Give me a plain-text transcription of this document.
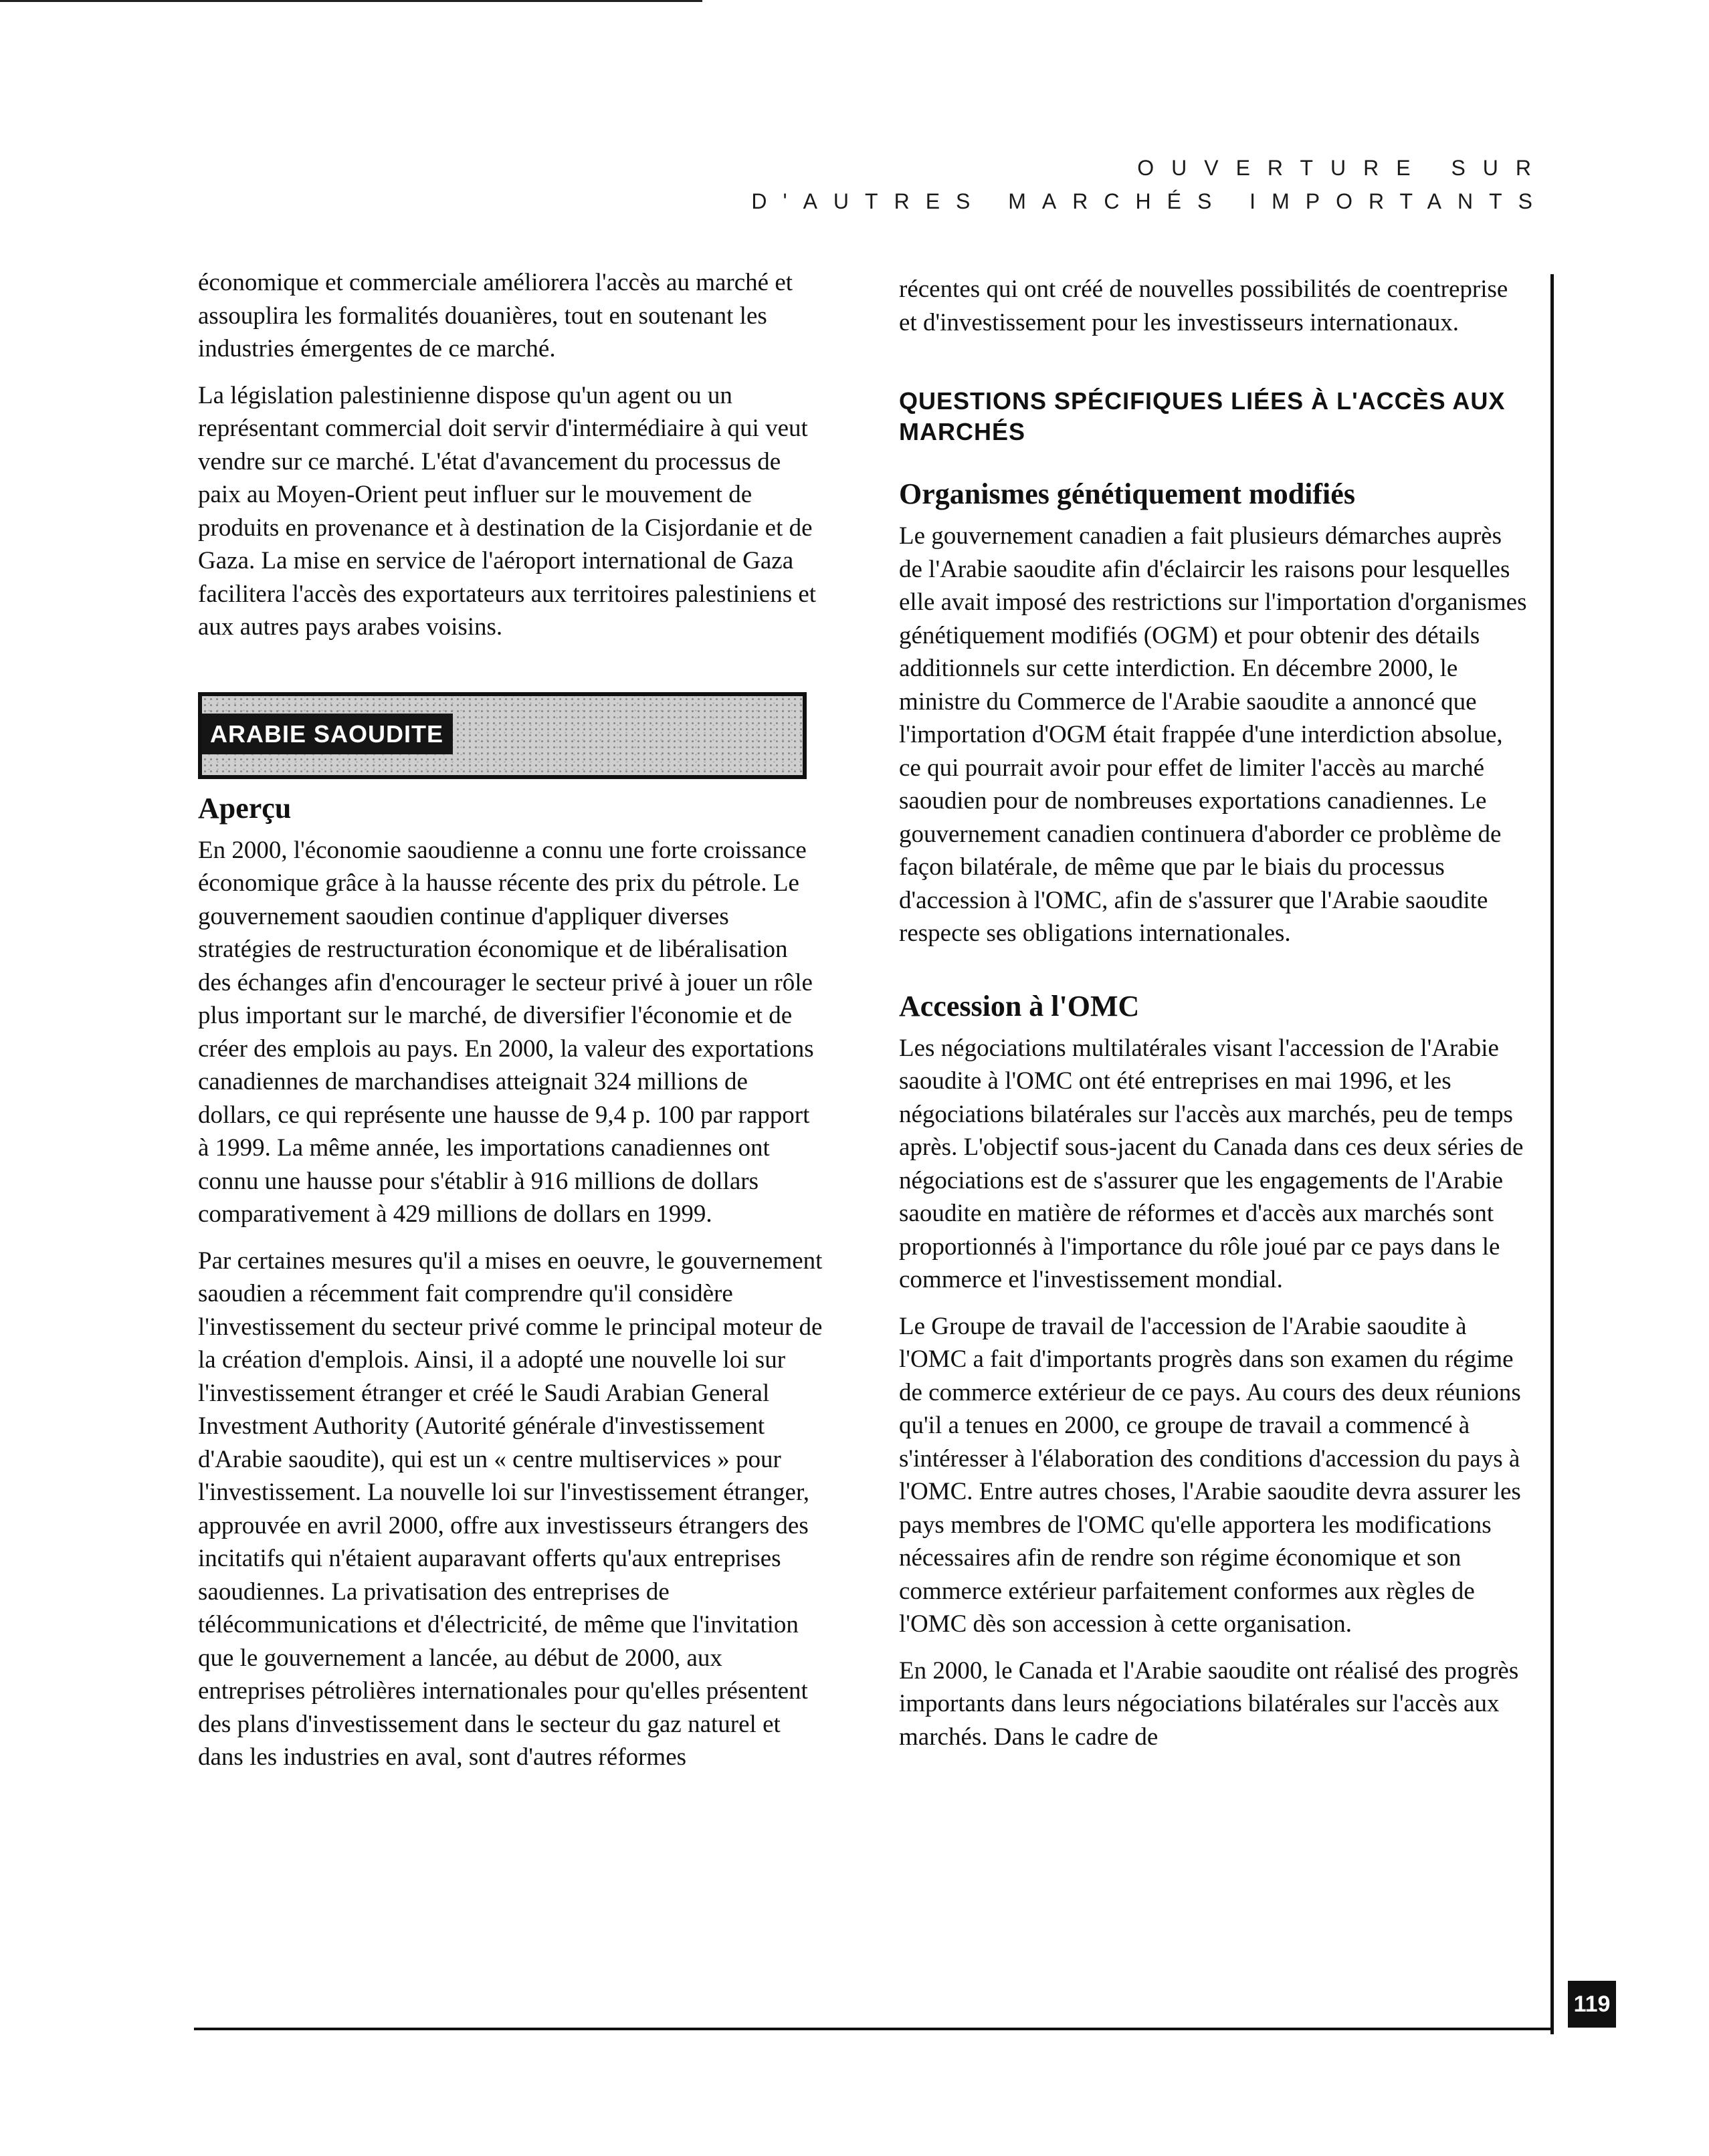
OUVERTURE SUR
D'AUTRES MARCHÉS IMPORTANTS

économique et commerciale améliorera l'accès au marché et assouplira les formalités douanières, tout en soutenant les industries émergentes de ce marché.

La législation palestinienne dispose qu'un agent ou un représentant commercial doit servir d'intermédiaire à qui veut vendre sur ce marché. L'état d'avancement du processus de paix au Moyen-Orient peut influer sur le mouvement de produits en provenance et à destination de la Cisjordanie et de Gaza. La mise en service de l'aéroport international de Gaza facilitera l'accès des exportateurs aux territoires palestiniens et aux autres pays arabes voisins.

ARABIE SAOUDITE
Aperçu

En 2000, l'économie saoudienne a connu une forte croissance économique grâce à la hausse récente des prix du pétrole. Le gouvernement saoudien continue d'appliquer diverses stratégies de restructuration économique et de libéralisation des échanges afin d'encourager le secteur privé à jouer un rôle plus important sur le marché, de diversifier l'économie et de créer des emplois au pays. En 2000, la valeur des exportations canadiennes de marchandises atteignait 324 millions de dollars, ce qui représente une hausse de 9,4 p. 100 par rapport à 1999. La même année, les importations canadiennes ont connu une hausse pour s'établir à 916 millions de dollars comparativement à 429 millions de dollars en 1999.

Par certaines mesures qu'il a mises en oeuvre, le gouvernement saoudien a récemment fait comprendre qu'il considère l'investissement du secteur privé comme le principal moteur de la création d'emplois. Ainsi, il a adopté une nouvelle loi sur l'investissement étranger et créé le Saudi Arabian General Investment Authority (Autorité générale d'investissement d'Arabie saoudite), qui est un « centre multiservices » pour l'investissement. La nouvelle loi sur l'investissement étranger, approuvée en avril 2000, offre aux investisseurs étrangers des incitatifs qui n'étaient auparavant offerts qu'aux entreprises saoudiennes. La privatisation des entreprises de télécommunications et d'électricité, de même que l'invitation que le gouvernement a lancée, au début de 2000, aux entreprises pétrolières internationales pour qu'elles présentent des plans d'investissement dans le secteur du gaz naturel et dans les industries en aval, sont d'autres réformes

récentes qui ont créé de nouvelles possibilités de coentreprise et d'investissement pour les investisseurs internationaux.

QUESTIONS SPÉCIFIQUES LIÉES À L'ACCÈS AUX MARCHÉS
Organismes génétiquement modifiés

Le gouvernement canadien a fait plusieurs démarches auprès de l'Arabie saoudite afin d'éclaircir les raisons pour lesquelles elle avait imposé des restrictions sur l'importation d'organismes génétiquement modifiés (OGM) et pour obtenir des détails additionnels sur cette interdiction. En décembre 2000, le ministre du Commerce de l'Arabie saoudite a annoncé que l'importation d'OGM était frappée d'une interdiction absolue, ce qui pourrait avoir pour effet de limiter l'accès au marché saoudien pour de nombreuses exportations canadiennes. Le gouvernement canadien continuera d'aborder ce problème de façon bilatérale, de même que par le biais du processus d'accession à l'OMC, afin de s'assurer que l'Arabie saoudite respecte ses obligations internationales.

Accession à l'OMC

Les négociations multilatérales visant l'accession de l'Arabie saoudite à l'OMC ont été entreprises en mai 1996, et les négociations bilatérales sur l'accès aux marchés, peu de temps après. L'objectif sous-jacent du Canada dans ces deux séries de négociations est de s'assurer que les engagements de l'Arabie saoudite en matière de réformes et d'accès aux marchés sont proportionnés à l'importance du rôle joué par ce pays dans le commerce et l'investissement mondial.

Le Groupe de travail de l'accession de l'Arabie saoudite à l'OMC a fait d'importants progrès dans son examen du régime de commerce extérieur de ce pays. Au cours des deux réunions qu'il a tenues en 2000, ce groupe de travail a commencé à s'intéresser à l'élaboration des conditions d'accession du pays à l'OMC. Entre autres choses, l'Arabie saoudite devra assurer les pays membres de l'OMC qu'elle apportera les modifications nécessaires afin de rendre son régime économique et son commerce extérieur parfaitement conformes aux règles de l'OMC dès son accession à cette organisation.

En 2000, le Canada et l'Arabie saoudite ont réalisé des progrès importants dans leurs négociations bilatérales sur l'accès aux marchés. Dans le cadre de

119
